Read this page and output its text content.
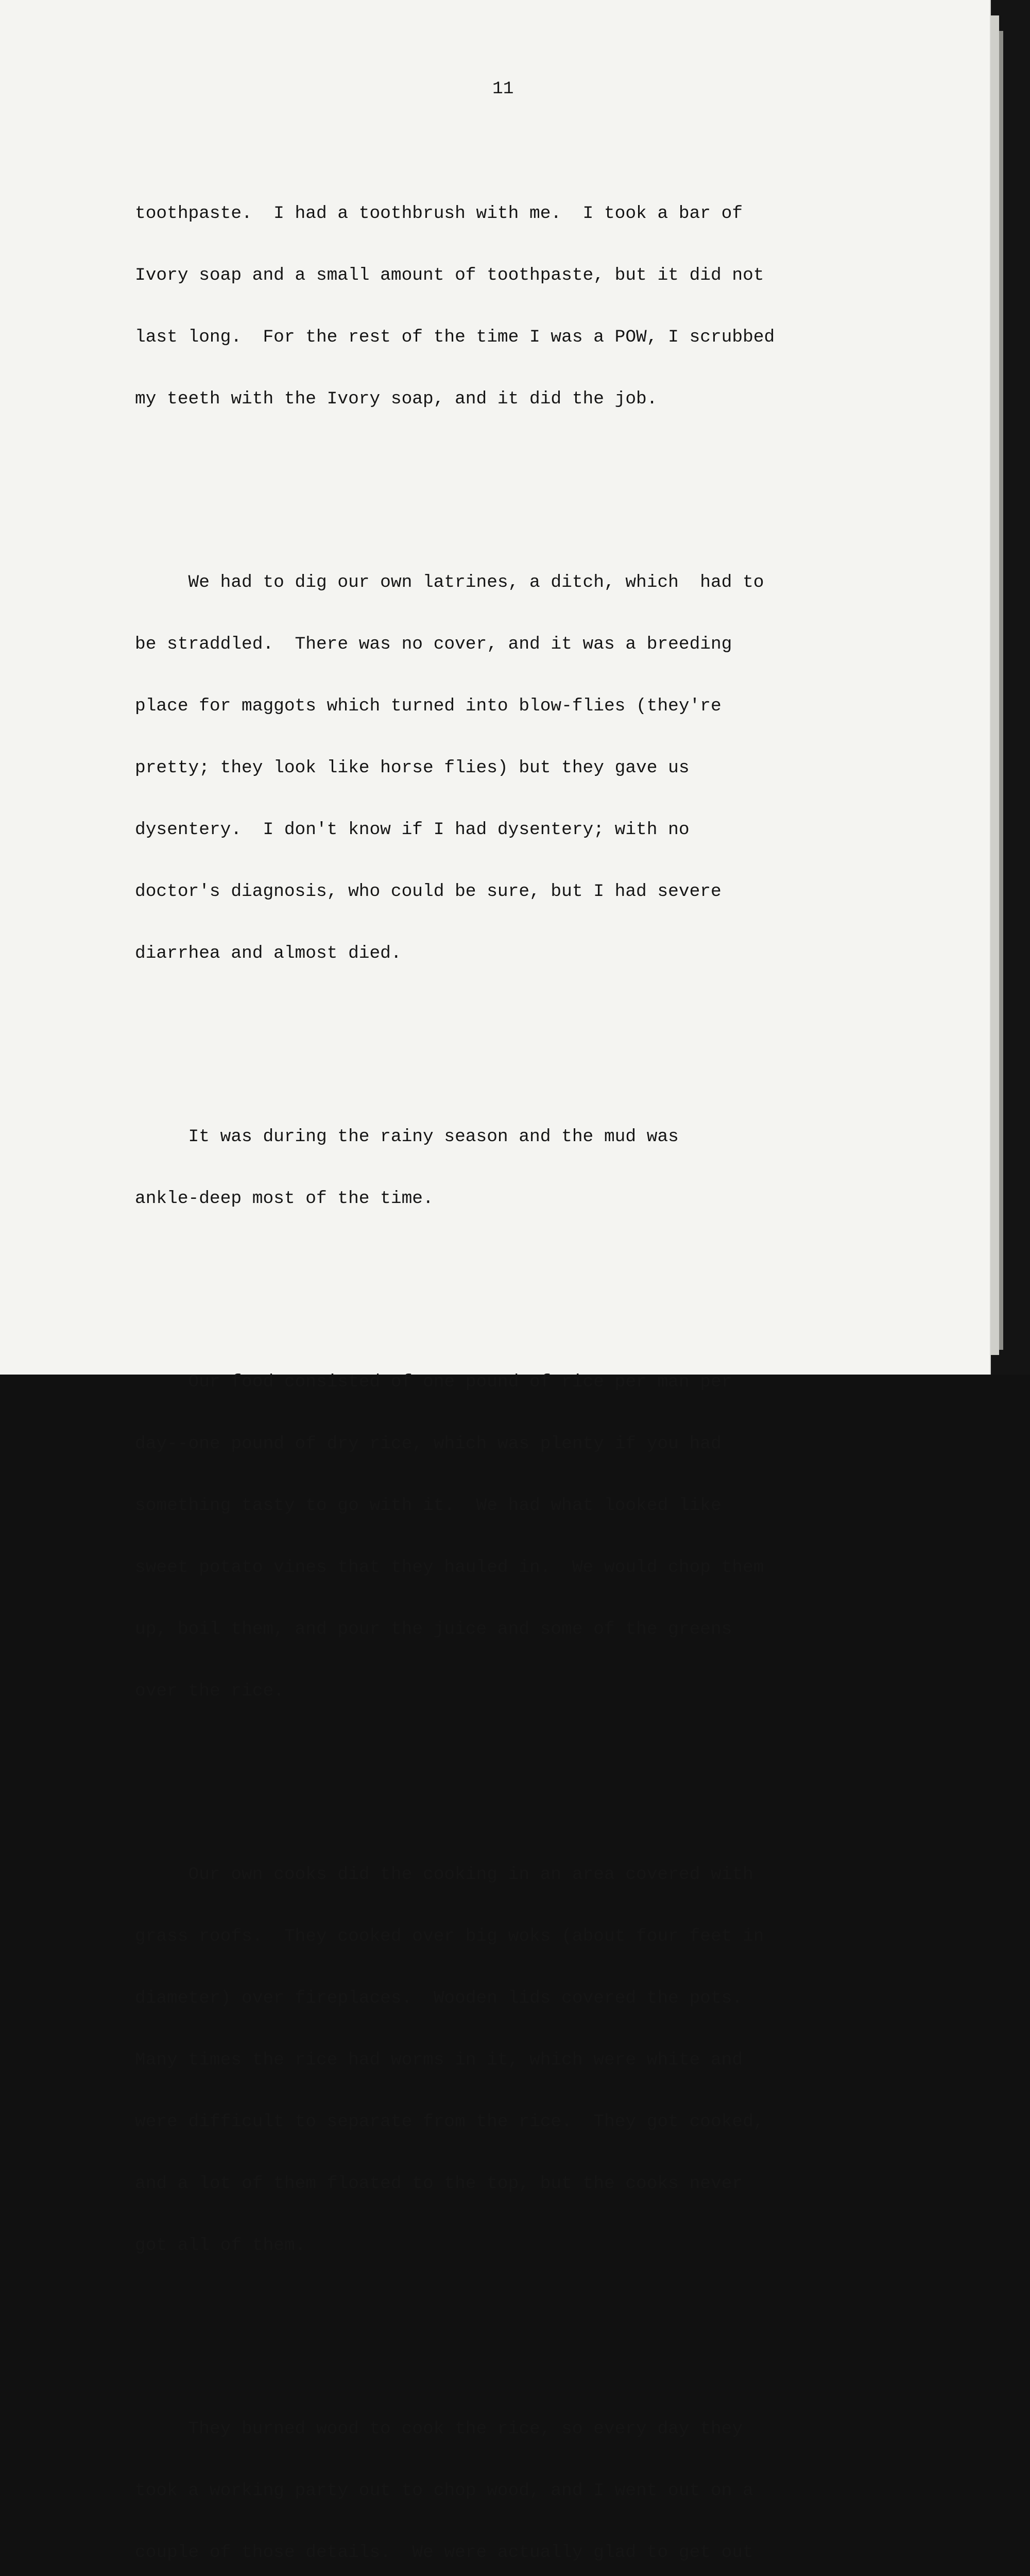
11

toothpaste.  I had a toothbrush with me.  I took a bar of

Ivory soap and a small amount of toothpaste, but it did not

last long.  For the rest of the time I was a POW, I scrubbed

my teeth with the Ivory soap, and it did the job.

We had to dig our own latrines, a ditch, which  had to

be straddled.  There was no cover, and it was a breeding

place for maggots which turned into blow-flies (they're

pretty; they look like horse flies) but they gave us

dysentery.  I don't know if I had dysentery; with no

doctor's diagnosis, who could be sure, but I had severe

diarrhea and almost died.

It was during the rainy season and the mud was

ankle-deep most of the time.

Our food consisted of one pound of rice per man per

day--one pound of dry rice, which was plenty if you had

something tasty to go with it.  We had what looked like

sweet potato vines that they hauled in.  We would chop them

up, boil them, and pour the juice and some of the greens

over the rice.

Our own cooks did the cooking in an area covered with

grass roofs.  They cooked over big woks (about four feet in

diameter) over fireplaces.  Wooden lids covered the pots.

Many times the rice had worms in it, which were white and

were difficult to separate from the rice.  They got cooked,

and a lot of them floated to the top, but the cooks never

got all of them.

They burned wood to cook the rice, so every day they

took a working party out to chop wood, and I went out on a

couple of those details.  We were actually glad to get out
